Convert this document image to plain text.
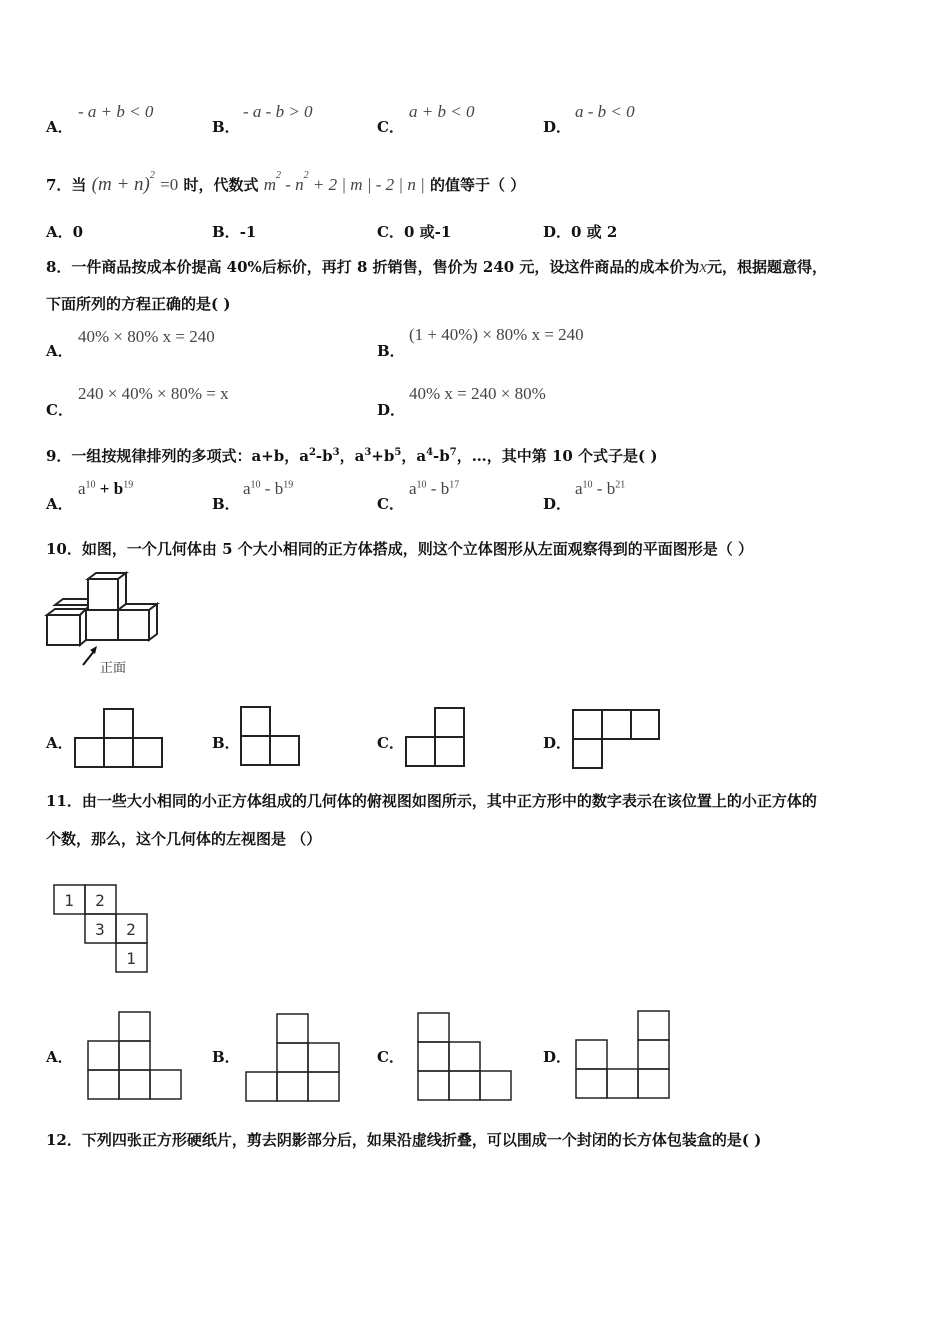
A．
- a + b < 0
B．
- a - b > 0
C．
a + b < 0
D．
a - b < 0
7．当 $(m + n)^2 =0$ 时，代数式 $m^2 - n^2 + 2$ | m | - 2 | n | 的值等于（ ）
A．0	B．-1	C．0 或-1	D．0 或 2
8．一件商品按成本价提高 40%后标价，再打 8 折销售，售价为 240 元，设这件商品的成本价为x元，根据题意得，
下面所列的方程正确的是( )
A．
40% × 80% x = 240
B．
(1 + 40%) × 80% x = 240
C．
240 × 40% × 80% = x
D．
40% x = 240 × 80%
9．一组按规律排列的多项式：a+b，$a^2-b^3$，$a^3+b^5$，$a^4-b^7$，…，其中第 10 个式子是( )
A．
$a^{10} + b^{19}$
B．
$a^{10} - b^{19}$
C．
$a^{10} - b^{17}$
D．
$a^{10} - b^{21}$
10．如图，一个几何体由 5 个大小相同的正方体搭成，则这个立体图形从左面观察得到的平面图形是（ ）
正面
A．	B．	C．	D．
11．由一些大小相同的小正方体组成的几何体的俯视图如图所示，其中正方形中的数字表示在该位置上的小正方体的
个数，那么，这个几何体的左视图是 （）
1 2
3 2
1
A．	B．	C．	D．
12．下列四张正方形硬纸片，剪去阴影部分后，如果沿虚线折叠，可以围成一个封闭的长方体包装盒的是( )
